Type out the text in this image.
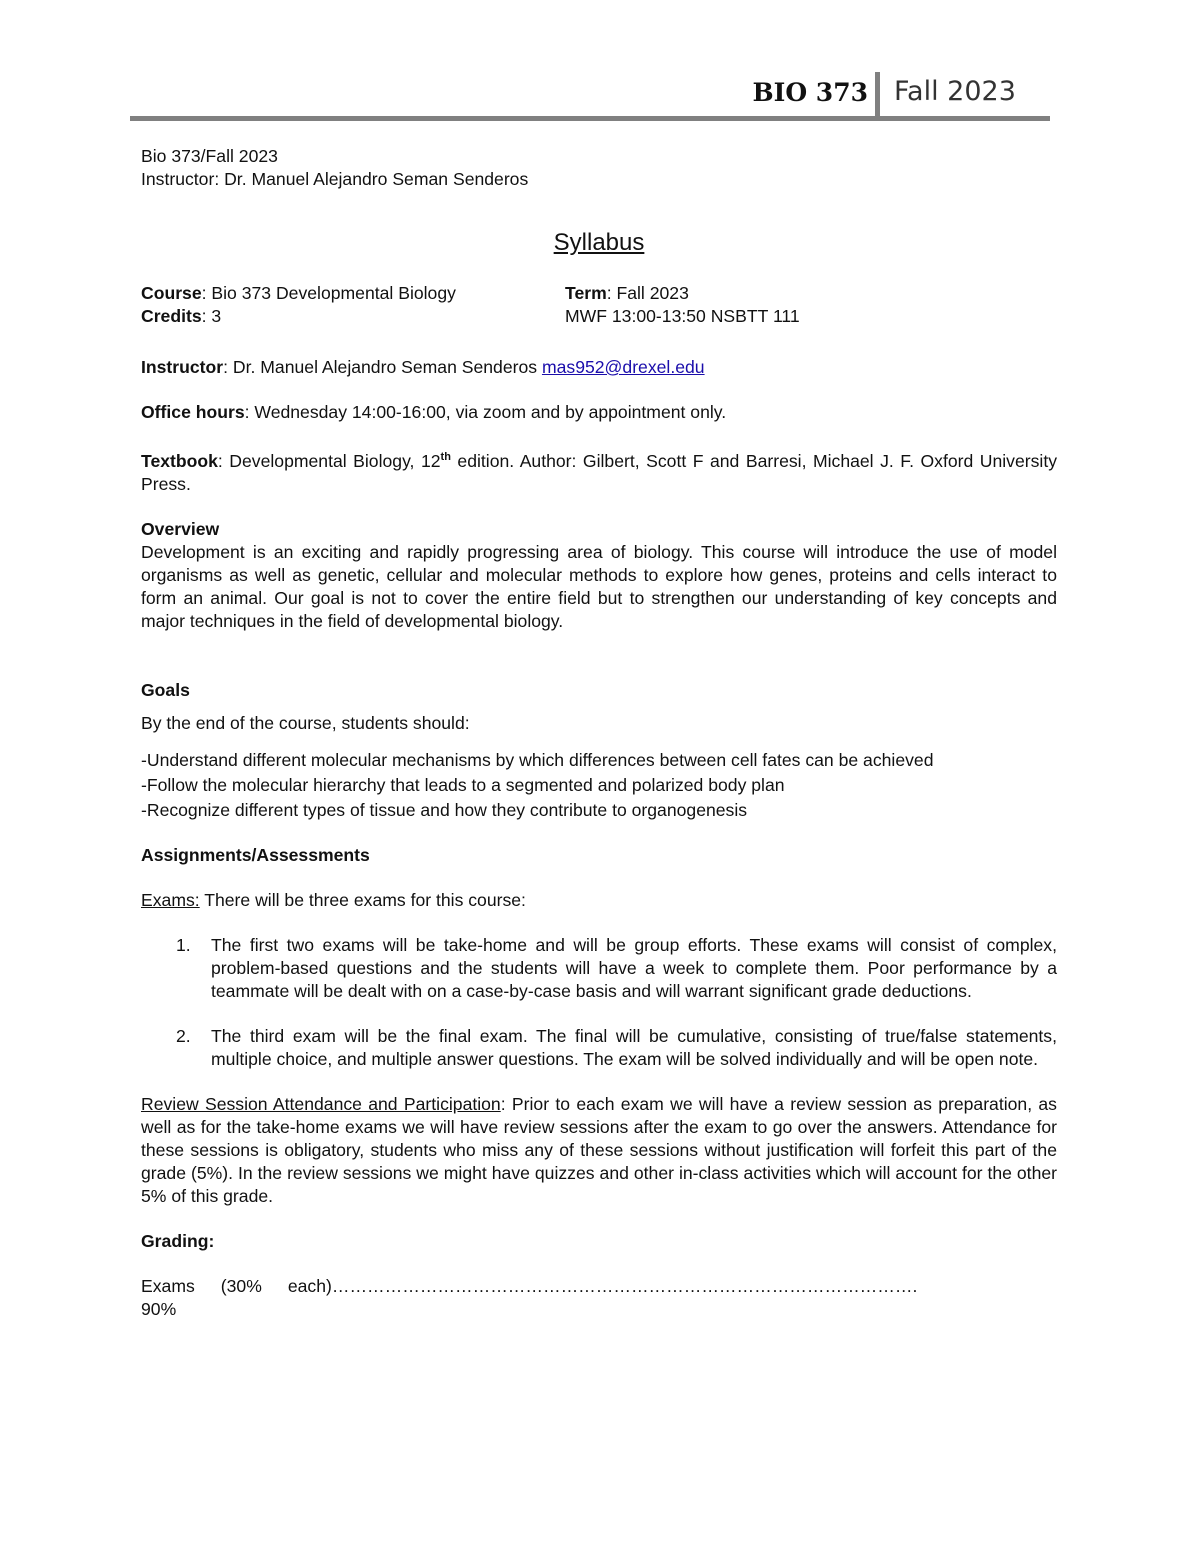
BIO 373 Fall 2023

Bio 373/Fall 2023

Instructor: Dr. Manuel Alejandro Seman Senderos

Syllabus
Course: Bio 373 Developmental Biology
Credits: 3
Term: Fall 2023
MWF 13:00-13:50 NSBTT 111

Instructor: Dr. Manuel Alejandro Seman Senderos mas952@drexel.edu

Office hours: Wednesday 14:00-16:00, via zoom and by appointment only.

Textbook: Developmental Biology, 12th edition. Author: Gilbert, Scott F and Barresi, Michael J. F. Oxford University Press.

Overview

Development is an exciting and rapidly progressing area of biology. This course will introduce the use of model organisms as well as genetic, cellular and molecular methods to explore how genes, proteins and cells interact to form an animal. Our goal is not to cover the entire field but to strengthen our understanding of key concepts and major techniques in the field of developmental biology.

Goals

By the end of the course, students should:

-Understand different molecular mechanisms by which differences between cell fates can be achieved

-Follow the molecular hierarchy that leads to a segmented and polarized body plan

-Recognize different types of tissue and how they contribute to organogenesis

Assignments/Assessments

Exams: There will be three exams for this course:

1.	The first two exams will be take-home and will be group efforts. These exams will consist of complex, problem-based questions and the students will have a week to complete them. Poor performance by a teammate will be dealt with on a case-by-case basis and will warrant significant grade deductions.
2.	The third exam will be the final exam. The final will be cumulative, consisting of true/false statements, multiple choice, and multiple answer questions. The exam will be solved individually and will be open note.

Review Session Attendance and Participation: Prior to each exam we will have a review session as preparation, as well as for the take-home exams we will have review sessions after the exam to go over the answers. Attendance for these sessions is obligatory, students who miss any of these sessions without justification will forfeit this part of the grade (5%). In the review sessions we might have quizzes and other in-class activities which will account for the other 5% of this grade.

Grading:

Exams (30% each)……………………………………………………………………………………….
90%
